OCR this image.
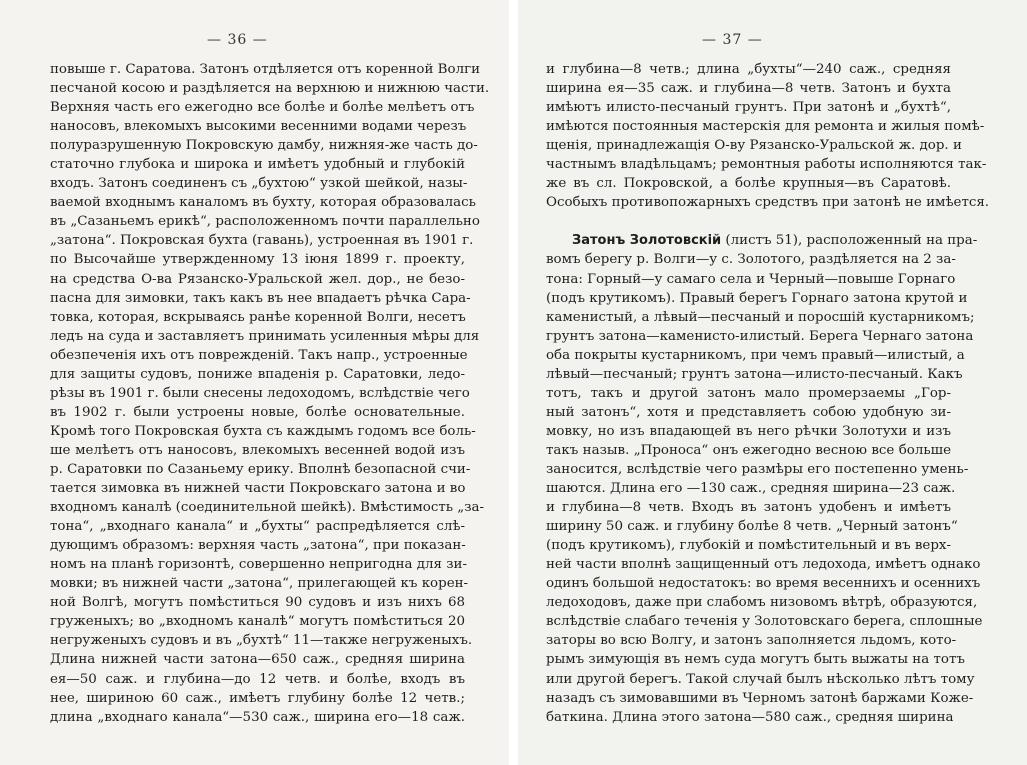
— 36 —
повыше г. Саратова. Затонъ отдѣляется отъ коренной Волги
песчаной косою и раздѣляется на верхнюю и нижнюю части.
Верхняя часть его ежегодно все болѣе и болѣе мелѣетъ отъ
наносовъ, влекомыхъ высокими весенними водами черезъ
полуразрушенную Покровскую дамбу, нижняя-же часть до-
статочно глубока и широка и имѣетъ удобный и глубокій
входъ. Затонъ соединенъ съ „бухтою“ узкой шейкой, назы-
ваемой входнымъ каналомъ въ бухту, которая образовалась
въ „Сазаньемъ ерикѣ“, расположенномъ почти параллельно
„затона“. Покровская бухта (гавань), устроенная въ 1901 г.
по Высочайше утвержденному 13 іюня 1899 г. проекту,
на средства О-ва Рязанско-Уральской жел. дор., не безо-
пасна для зимовки, такъ какъ въ нее впадаетъ рѣчка Сара-
товка, которая, вскрываясь ранѣе коренной Волги, несетъ
ледъ на суда и заставляетъ принимать усиленныя мѣры для
обезпеченія ихъ отъ поврежденій. Такъ напр., устроенные
для защиты судовъ, пониже впаденія р. Саратовки, ледо-
рѣзы въ 1901 г. были снесены ледоходомъ, вслѣдствіе чего
въ 1902 г. были устроены новые, болѣе основательные.
Кромѣ того Покровская бухта съ каждымъ годомъ все боль-
ше мелѣетъ отъ наносовъ, влекомыхъ весенней водой изъ
р. Саратовки по Сазаньему ерику. Вполнѣ безопасной счи-
тается зимовка въ нижней части Покровскаго затона и во
входномъ каналѣ (соединительной шейкѣ). Вмѣстимость „за-
тона“, „входнаго канала“ и „бухты“ распредѣляется слѣ-
дующимъ образомъ: верхняя часть „затона“, при показан-
номъ на планѣ горизонтѣ, совершенно непригодна для зи-
мовки; въ нижней части „затона“, прилегающей къ корен-
ной Волгѣ, могутъ помѣститься 90 судовъ и изъ нихъ 68
груженыхъ; во „входномъ каналѣ“ могутъ помѣститься 20
негруженыхъ судовъ и въ „бухтѣ“ 11—также негруженыхъ.
Длина нижней части затона—650 саж., средняя ширина
ея—50 саж. и глубина—до 12 четв. и болѣе, входъ въ
нее, шириною 60 саж., имѣетъ глубину болѣе 12 четв.;
длина „входнаго канала“—530 саж., ширина его—18 саж.
— 37 —
и глубина—8 четв.; длина „бухты“—240 саж., средняя
ширина ея—35 саж. и глубина—8 четв. Затонъ и бухта
имѣютъ илисто-песчаный грунтъ. При затонѣ и „бухтѣ“,
имѣются постоянныя мастерскія для ремонта и жилыя помѣ-
щенія, принадлежащія О-ву Рязанско-Уральской ж. дор. и
частнымъ владѣльцамъ; ремонтныя работы исполняются так-
же въ сл. Покровской, а болѣе крупныя—въ Саратовѣ.
Особыхъ противопожарныхъ средствъ при затонѣ не имѣется.
Затонъ Золотовскій (листъ 51), расположенный на пра-
вомъ берегу р. Волги—у с. Золотого, раздѣляется на 2 за-
тона: Горный—у самаго села и Черный—повыше Горнаго
(подъ крутикомъ). Правый берегъ Горнаго затона крутой и
каменистый, а лѣвый—песчаный и поросшій кустарникомъ;
грунтъ затона—каменисто-илистый. Берега Чернаго затона
оба покрыты кустарникомъ, при чемъ правый—илистый, а
лѣвый—песчаный; грунтъ затона—илисто-песчаный. Какъ
тотъ, такъ и другой затонъ мало промерзаемы „Гор-
ный затонъ“, хотя и представляетъ собою удобную зи-
мовку, но изъ впадающей въ него рѣчки Золотухи и изъ
такъ назыв. „Проноса“ онъ ежегодно весною все больше
заносится, вслѣдствіе чего размѣры его постепенно умень-
шаются. Длина его —130 саж., средняя ширина—23 саж.
и глубина—8 четв. Входъ въ затонъ удобенъ и имѣетъ
ширину 50 саж. и глубину болѣе 8 четв. „Черный затонъ“
(подъ крутикомъ), глубокій и помѣстительный и въ верх-
ней части вполнѣ защищенный отъ ледохода, имѣетъ однако
одинъ большой недостатокъ: во время весеннихъ и осеннихъ
ледоходовъ, даже при слабомъ низовомъ вѣтрѣ, образуются,
вслѣдствіе слабаго теченія у Золотовскаго берега, сплошные
заторы во всю Волгу, и затонъ заполняется льдомъ, кото-
рымъ зимующія въ немъ суда могутъ быть выжаты на тотъ
или другой берегъ. Такой случай былъ нѣсколько лѣтъ тому
назадъ съ зимовавшими въ Черномъ затонѣ баржами Коже-
баткина. Длина этого затона—580 саж., средняя ширина
